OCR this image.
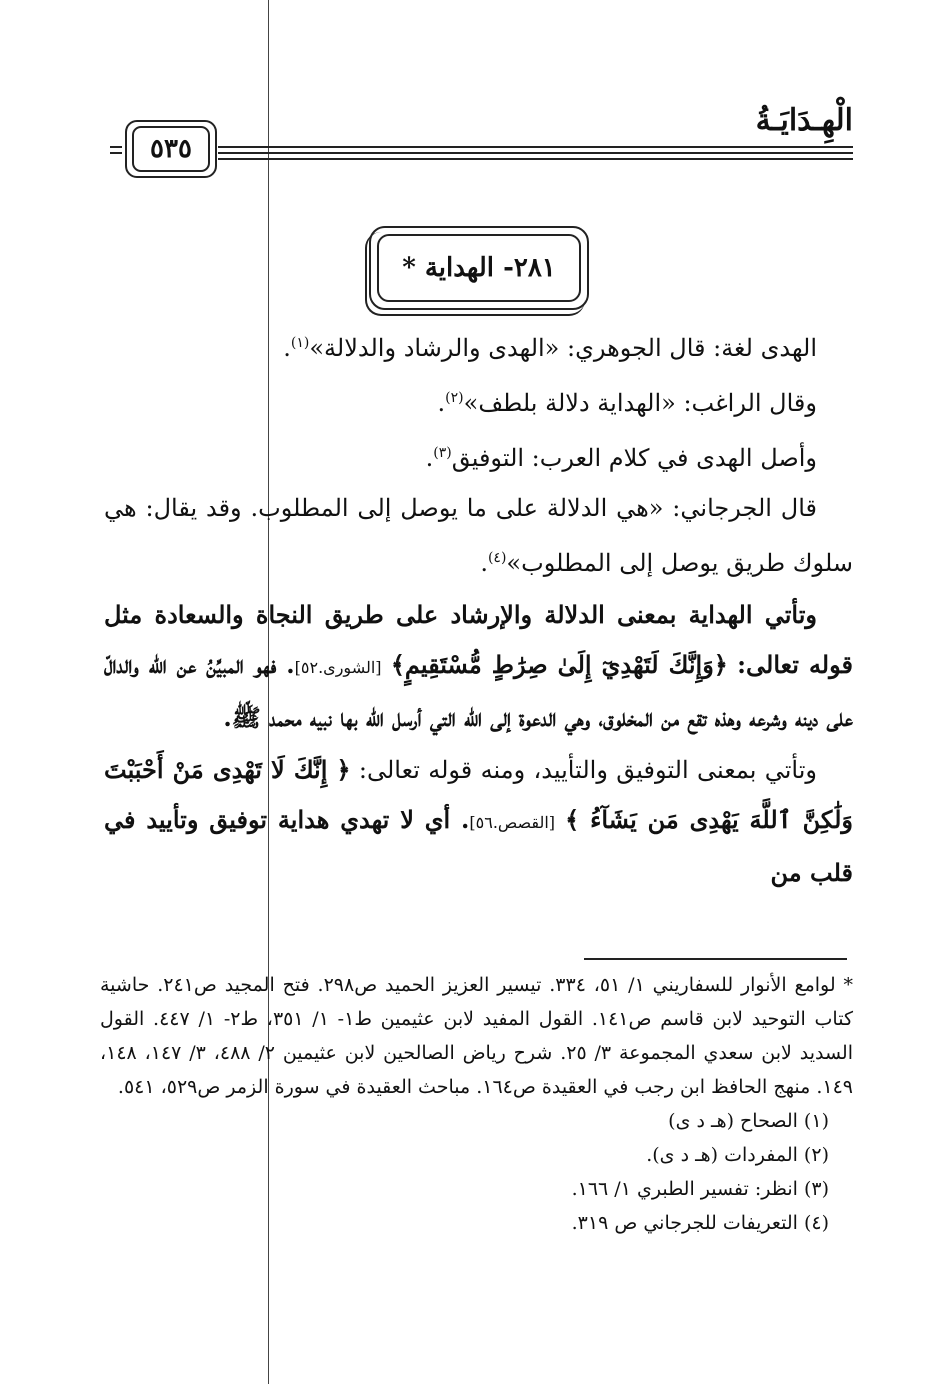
الْهِـدَايَـةُ
٥٣٥
٢٨١- الهداية *

الهدى لغة: قال الجوهري: «الهدى والرشاد والدلالة»$^{(١)}$.

وقال الراغب: «الهداية دلالة بلطف»$^{(٢)}$.

وأصل الهدى في كلام العرب: التوفيق$^{(٣)}$.

قال الجرجاني: «هي الدلالة على ما يوصل إلى المطلوب. وقد يقال: هي سلوك طريق يوصل إلى المطلوب»$^{(٤)}$.

وتأتي الهداية بمعنى الدلالة والإرشاد على طريق النجاة والسعادة مثل قوله تعالى: ﴿وَإِنَّكَ لَتَهْدِيٓ إِلَىٰ صِرَٰطٍ مُّسْتَقِيمٍ﴾ [الشورى.٥٢]. فهو المبيِّنُ عن الله والدالّ على دينه وشرعه وهذه تقع من المخلوق، وهي الدعوة إلى الله التي أرسل الله بها نبيه محمد ﷺ.

وتأتي بمعنى التوفيق والتأييد، ومنه قوله تعالى: ﴿ إِنَّكَ لَا تَهْدِى مَنْ أَحْبَبْتَ وَلَٰكِنَّ ٱللَّهَ يَهْدِى مَن يَشَآءُ ﴾ [القصص.٥٦]. أي لا تهدي هداية توفيق وتأييد في قلب من

* لوامع الأنوار للسفاريني ١/ ٥١، ٣٣٤. تيسير العزيز الحميد ص٢٩٨. فتح المجيد ص٢٤١. حاشية كتاب التوحيد لابن قاسم ص١٤١. القول المفيد لابن عثيمين ط١- ١/ ٣٥١، ط٢- ١/ ٤٤٧. القول السديد لابن سعدي المجموعة ٣/ ٢٥. شرح رياض الصالحين لابن عثيمين ٢/ ٤٨٨، ٣/ ١٤٧، ١٤٨، ١٤٩. منهج الحافظ ابن رجب في العقيدة ص١٦٤. مباحث العقيدة في سورة الزمر ص٥٢٩، ٥٤١.

(١) الصحاح (هـ د ى)

(٢) المفردات (هـ د ى).

(٣) انظر: تفسير الطبري ١/ ١٦٦.

(٤) التعريفات للجرجاني ص ٣١٩.
